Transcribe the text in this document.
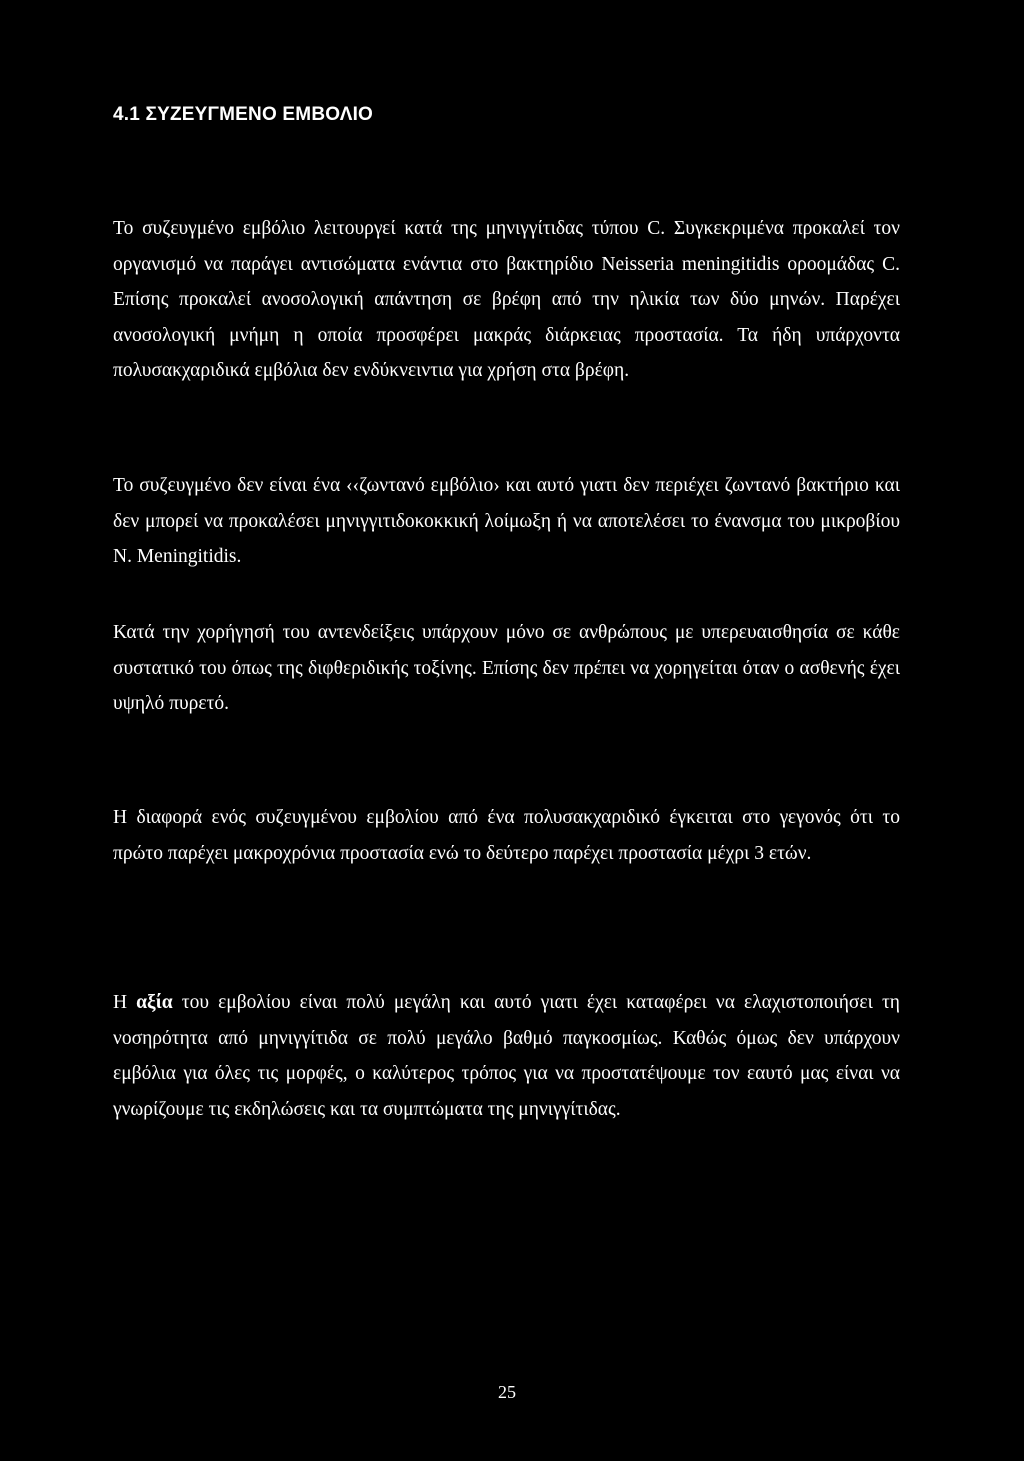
4.1 ΣΥΖΕΥΓΜΕΝΟ ΕΜΒΟΛΙΟ

Το συζευγμένο εμβόλιο λειτουργεί κατά της μηνιγγίτιδας τύπου C. Συγκεκριμένα προκαλεί τον οργανισμό να παράγει αντισώματα ενάντια στο βακτηρίδιο Neisseria meningitidis οροομάδας C. Επίσης προκαλεί ανοσολογική απάντηση σε βρέφη από την ηλικία των δύο μηνών. Παρέχει ανοσολογική μνήμη η οποία προσφέρει μακράς διάρκειας προστασία. Τα ήδη υπάρχοντα πολυσακχαριδικά εμβόλια δεν ενδύκνειντια για χρήση στα βρέφη.

Το συζευγμένο δεν είναι ένα ‹‹ζωντανό εμβόλιο› και αυτό γιατι δεν περιέχει ζωντανό βακτήριο και δεν μπορεί να προκαλέσει μηνιγγιτιδοκοκκική λοίμωξη ή να αποτελέσει το ένανσμα του μικροβίου Ν. Meningitidis.

Κατά την χορήγησή του αντενδείξεις υπάρχουν μόνο σε ανθρώπους με υπερευαισθησία σε κάθε συστατικό του όπως της διφθεριδικής τοξίνης. Επίσης δεν πρέπει να χορηγείται όταν ο ασθενής έχει υψηλό πυρετό.

Η διαφορά ενός συζευγμένου εμβολίου από ένα πολυσακχαριδικό έγκειται στο γεγονός ότι το πρώτο παρέχει μακροχρόνια προστασία ενώ το δεύτερο παρέχει προστασία μέχρι 3 ετών.

Η αξία του εμβολίου είναι πολύ μεγάλη και αυτό γιατι έχει καταφέρει να ελαχιστοποιήσει τη νοσηρότητα από μηνιγγίτιδα σε πολύ μεγάλο βαθμό παγκοσμίως. Καθώς όμως δεν υπάρχουν εμβόλια για όλες τις μορφές, ο καλύτερος τρόπος για να προστατέψουμε τον εαυτό μας είναι να γνωρίζουμε τις εκδηλώσεις και τα συμπτώματα της μηνιγγίτιδας.

25
